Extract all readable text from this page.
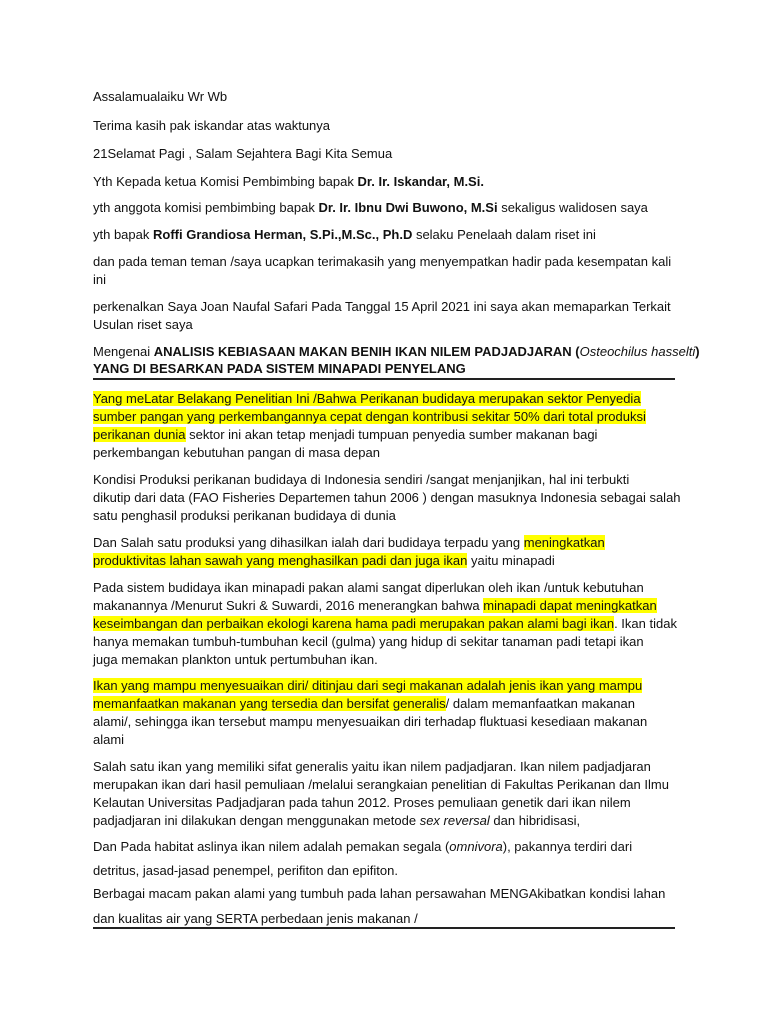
Assalamualaiku Wr Wb
Terima kasih pak iskandar atas waktunya
21Selamat Pagi , Salam Sejahtera Bagi Kita Semua
Yth Kepada ketua Komisi Pembimbing bapak Dr. Ir. Iskandar, M.Si.
yth anggota komisi pembimbing bapak Dr. Ir. Ibnu Dwi Buwono, M.Si sekaligus walidosen saya
yth bapak Roffi Grandiosa Herman, S.Pi.,M.Sc., Ph.D selaku Penelaah dalam riset ini
dan pada teman teman /saya ucapkan terimakasih yang menyempatkan hadir pada kesempatan kali
ini
perkenalkan Saya Joan Naufal Safari Pada Tanggal 15 April 2021 ini saya akan memaparkan Terkait
Usulan riset saya
Mengenai ANALISIS KEBIASAAN MAKAN BENIH IKAN NILEM PADJADJARAN (Osteochilus hasselti)
YANG DI BESARKAN PADA SISTEM MINAPADI PENYELANG
Yang meLatar Belakang Penelitian Ini /Bahwa Perikanan budidaya merupakan sektor Penyedia
sumber pangan yang perkembangannya cepat dengan kontribusi sekitar 50% dari total produksi
perikanan dunia sektor ini akan tetap menjadi tumpuan penyedia sumber makanan bagi
perkembangan kebutuhan pangan di masa depan
Kondisi Produksi perikanan budidaya di Indonesia sendiri /sangat menjanjikan, hal ini terbukti
dikutip dari data (FAO Fisheries Departemen tahun 2006 ) dengan masuknya Indonesia sebagai salah
satu penghasil produksi perikanan budidaya di dunia
Dan Salah satu produksi yang dihasilkan ialah dari budidaya terpadu yang meningkatkan
produktivitas lahan sawah yang menghasilkan padi dan juga ikan yaitu minapadi
Pada sistem budidaya ikan minapadi pakan alami sangat diperlukan oleh ikan /untuk kebutuhan
makanannya /Menurut Sukri & Suwardi, 2016 menerangkan bahwa minapadi dapat meningkatkan
keseimbangan dan perbaikan ekologi karena hama padi merupakan pakan alami bagi ikan. Ikan tidak
hanya memakan tumbuh-tumbuhan kecil (gulma) yang hidup di sekitar tanaman padi tetapi ikan
juga memakan plankton untuk pertumbuhan ikan.
Ikan yang mampu menyesuaikan diri/ ditinjau dari segi makanan adalah jenis ikan yang mampu
memanfaatkan makanan yang tersedia dan bersifat generalis/ dalam memanfaatkan makanan
alami/, sehingga ikan tersebut mampu menyesuaikan diri terhadap fluktuasi kesediaan makanan
alami
Salah satu ikan yang memiliki sifat generalis yaitu ikan nilem padjadjaran. Ikan nilem padjadjaran
merupakan ikan dari hasil pemuliaan /melalui serangkaian penelitian di Fakultas Perikanan dan Ilmu
Kelautan Universitas Padjadjaran pada tahun 2012. Proses pemuliaan genetik dari ikan nilem
padjadjaran ini dilakukan dengan menggunakan metode sex reversal dan hibridisasi,
Dan Pada habitat aslinya ikan nilem adalah pemakan segala (omnivora), pakannya terdiri dari
detritus, jasad-jasad penempel, perifiton dan epifiton.
Berbagai macam pakan alami yang tumbuh pada lahan persawahan MENGAkibatkan kondisi lahan
dan kualitas air yang SERTA perbedaan jenis makanan /
